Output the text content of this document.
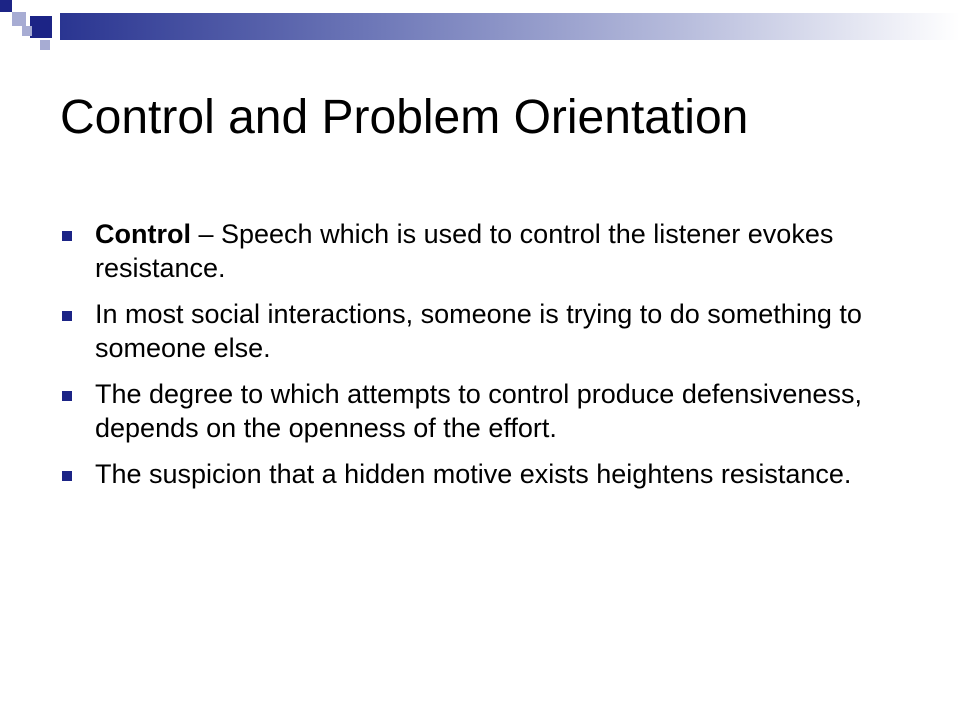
Control and Problem Orientation
Control – Speech which is used to control the listener evokes resistance.
In most social interactions, someone is trying to do something to someone else.
The degree to which attempts to control produce defensiveness, depends on the openness of the effort.
The suspicion that a hidden motive exists heightens resistance.
